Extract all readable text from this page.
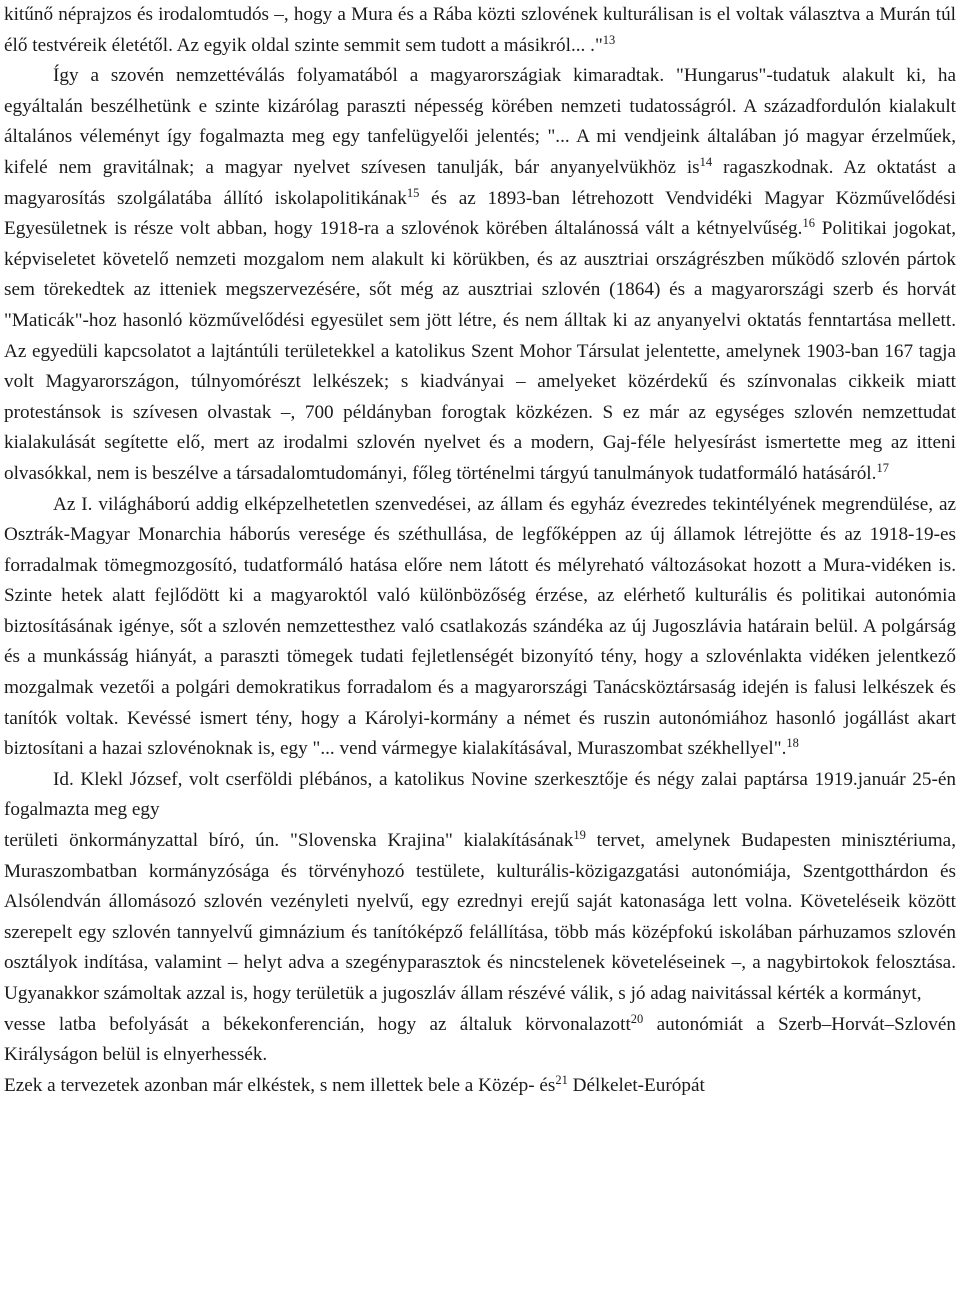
kitűnő néprajzos és irodalomtudós –, hogy a Mura és a Rába közti szlovének kulturálisan is el voltak választva a Murán túl élő testvéreik életétől. Az egyik oldal szinte semmit sem tudott a másikról... ."$^{13}$

Így a szovén nemzettéválás folyamatából a magyarországiak kimaradtak. "Hungarus"-tudatuk alakult ki, ha egyáltalán beszélhetünk e szinte kizárólag paraszti népesség körében nemzeti tudatosságról. A századfordulón kialakult általános véleményt így fogalmazta meg egy tanfelügyelői jelentés; "... A mi vendjeink általában jó magyar érzelműek, kifelé nem gravitálnak; a magyar nyelvet szívesen tanulják, bár anyanyelvükhöz $is^{14}$ ragaszkodnak. Az oktatást a magyarosítás szolgálatába állító iskolapolitikának$^{15}$ és az 1893-ban létrehozott Vendvidéki Magyar Közművelődési Egyesületnek is része volt abban, hogy 1918-ra a szlovénok körében általánossá vált a kétnyelvűség.$^{16}$ Politikai jogokat, képviseletet követelő nemzeti mozgalom nem alakult ki körükben, és az ausztriai országrészben működő szlovén pártok sem törekedtek az itteniek megszervezésére, sőt még az ausztriai szlovén (1864) és a magyarországi szerb és horvát "Maticák"-hoz hasonló közművelődési egyesület sem jött létre, és nem álltak ki az anyanyelvi oktatás fenntartása mellett. Az egyedüli kapcsolatot a lajtántúli területekkel a katolikus Szent Mohor Társulat jelentette, amelynek 1903-ban 167 tagja volt Magyarországon, túlnyomórészt lelkészek; s kiadványai – amelyeket közérdekű és színvonalas cikkeik miatt protestánsok is szívesen olvastak –, 700 példányban forogtak közkézen. S ez már az egységes szlovén nemzettudat kialakulását segítette elő, mert az irodalmi szlovén nyelvet és a modern, Gaj-féle helyesírást ismertette meg az itteni olvasókkal, nem is beszélve a társadalomtudományi, főleg történelmi tárgyú tanulmányok tudatformáló hatásáról.$^{17}$

Az I. világháború addig elképzelhetetlen szenvedései, az állam és egyház évezredes tekintélyének megrendülése, az Osztrák-Magyar Monarchia háborús veresége és széthullása, de legfőképpen az új államok létrejötte és az 1918-19-es forradalmak tömegmozgosító, tudatformáló hatása előre nem látott és mélyreható változásokat hozott a Mura-vidéken is. Szinte hetek alatt fejlődött ki a magyaroktól való különbözőség érzése, az elérhető kulturális és politikai autonómia biztosításának igénye, sőt a szlovén nemzettesthez való csatlakozás szándéka az új Jugoszlávia határain belül. A polgárság és a munkásság hiányát, a paraszti tömegek tudati fejletlenségét bizonyító tény, hogy a szlovénlakta vidéken jelentkező mozgalmak vezetői a polgári demokratikus forradalom és a magyarországi Tanácsköztársaság idején is falusi lelkészek és tanítók voltak. Kevéssé ismert tény, hogy a Károlyi-kormány a német és ruszin autonómiához hasonló jogállást akart biztosítani a hazai szlovénoknak is, egy "... vend vármegye kialakításával, Muraszombat székhellyel".$^{18}$

Id. Klekl József, volt cserföldi plébános, a katolikus Novine szerkesztője és négy zalai paptársa 1919.január 25-én fogalmazta meg egy

területi önkormányzattal bíró, ún. "Slovenska Krajina" kialakításának$^{19}$ tervet, amelynek Budapesten minisztériuma, Muraszombatban kormányzósága és törvényhozó testülete, kulturális-közigazgatási autonómiája, Szentgotthárdon és Alsólendván állomásozó szlovén vezényleti nyelvű, egy ezrednyi erejű saját katonasága lett volna. Követeléseik között szerepelt egy szlovén tannyelvű gimnázium és tanítóképző felállítása, több más középfokú iskolában párhuzamos szlovén osztályok indítása, valamint – helyt adva a szegényparasztok és nincstelenek követeléseinek –, a nagybirtokok felosztása. Ugyanakkor számoltak azzal is, hogy területük a jugoszláv állam részévé válik, s jó adag naivitással kérték a kormányt,

vesse latba befolyását a békekonferencián, hogy az általuk körvonalazott$^{20}$ autonómiát a Szerb–Horvát–Szlovén Királyságon belül is elnyerhessék.

Ezek a tervezetek azonban már elkéstek, s nem illettek bele a Közép- $és^{21}$ Délkelet-Európát
